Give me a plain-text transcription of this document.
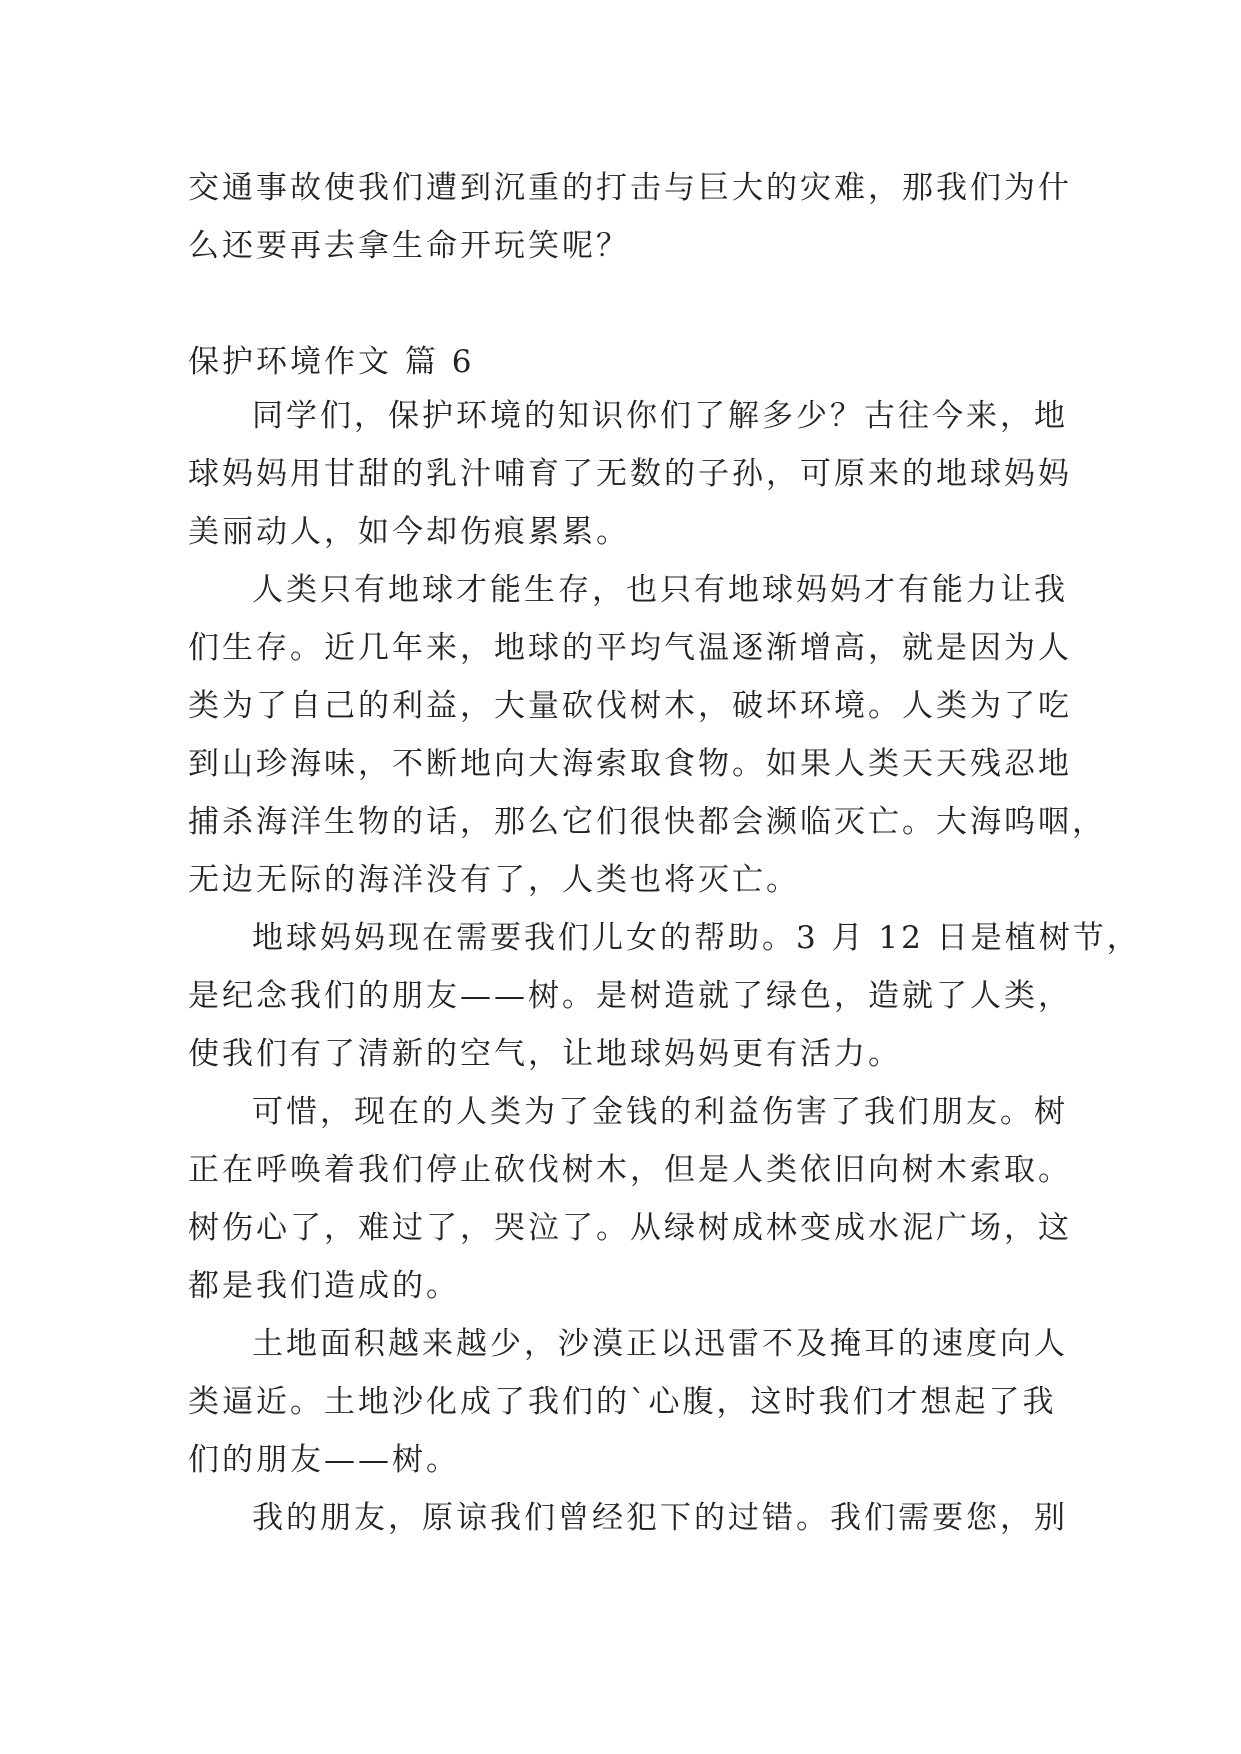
交通事故使我们遭到沉重的打击与巨大的灾难，那我们为什
么还要再去拿生命开玩笑呢？
保护环境作文 篇 6
同学们，保护环境的知识你们了解多少？古往今来，地
球妈妈用甘甜的乳汁哺育了无数的子孙，可原来的地球妈妈
美丽动人，如今却伤痕累累。
人类只有地球才能生存，也只有地球妈妈才有能力让我
们生存。近几年来，地球的平均气温逐渐增高，就是因为人
类为了自己的利益，大量砍伐树木，破坏环境。人类为了吃
到山珍海味，不断地向大海索取食物。如果人类天天残忍地
捕杀海洋生物的话，那么它们很快都会濒临灭亡。大海呜咽，
无边无际的海洋没有了，人类也将灭亡。
地球妈妈现在需要我们儿女的帮助。3 月 12 日是植树节，
是纪念我们的朋友——树。是树造就了绿色，造就了人类，
使我们有了清新的空气，让地球妈妈更有活力。
可惜，现在的人类为了金钱的利益伤害了我们朋友。树
正在呼唤着我们停止砍伐树木，但是人类依旧向树木索取。
树伤心了，难过了，哭泣了。从绿树成林变成水泥广场，这
都是我们造成的。
土地面积越来越少，沙漠正以迅雷不及掩耳的速度向人
类逼近。土地沙化成了我们的`心腹，这时我们才想起了我
们的朋友——树。
我的朋友，原谅我们曾经犯下的过错。我们需要您，别
